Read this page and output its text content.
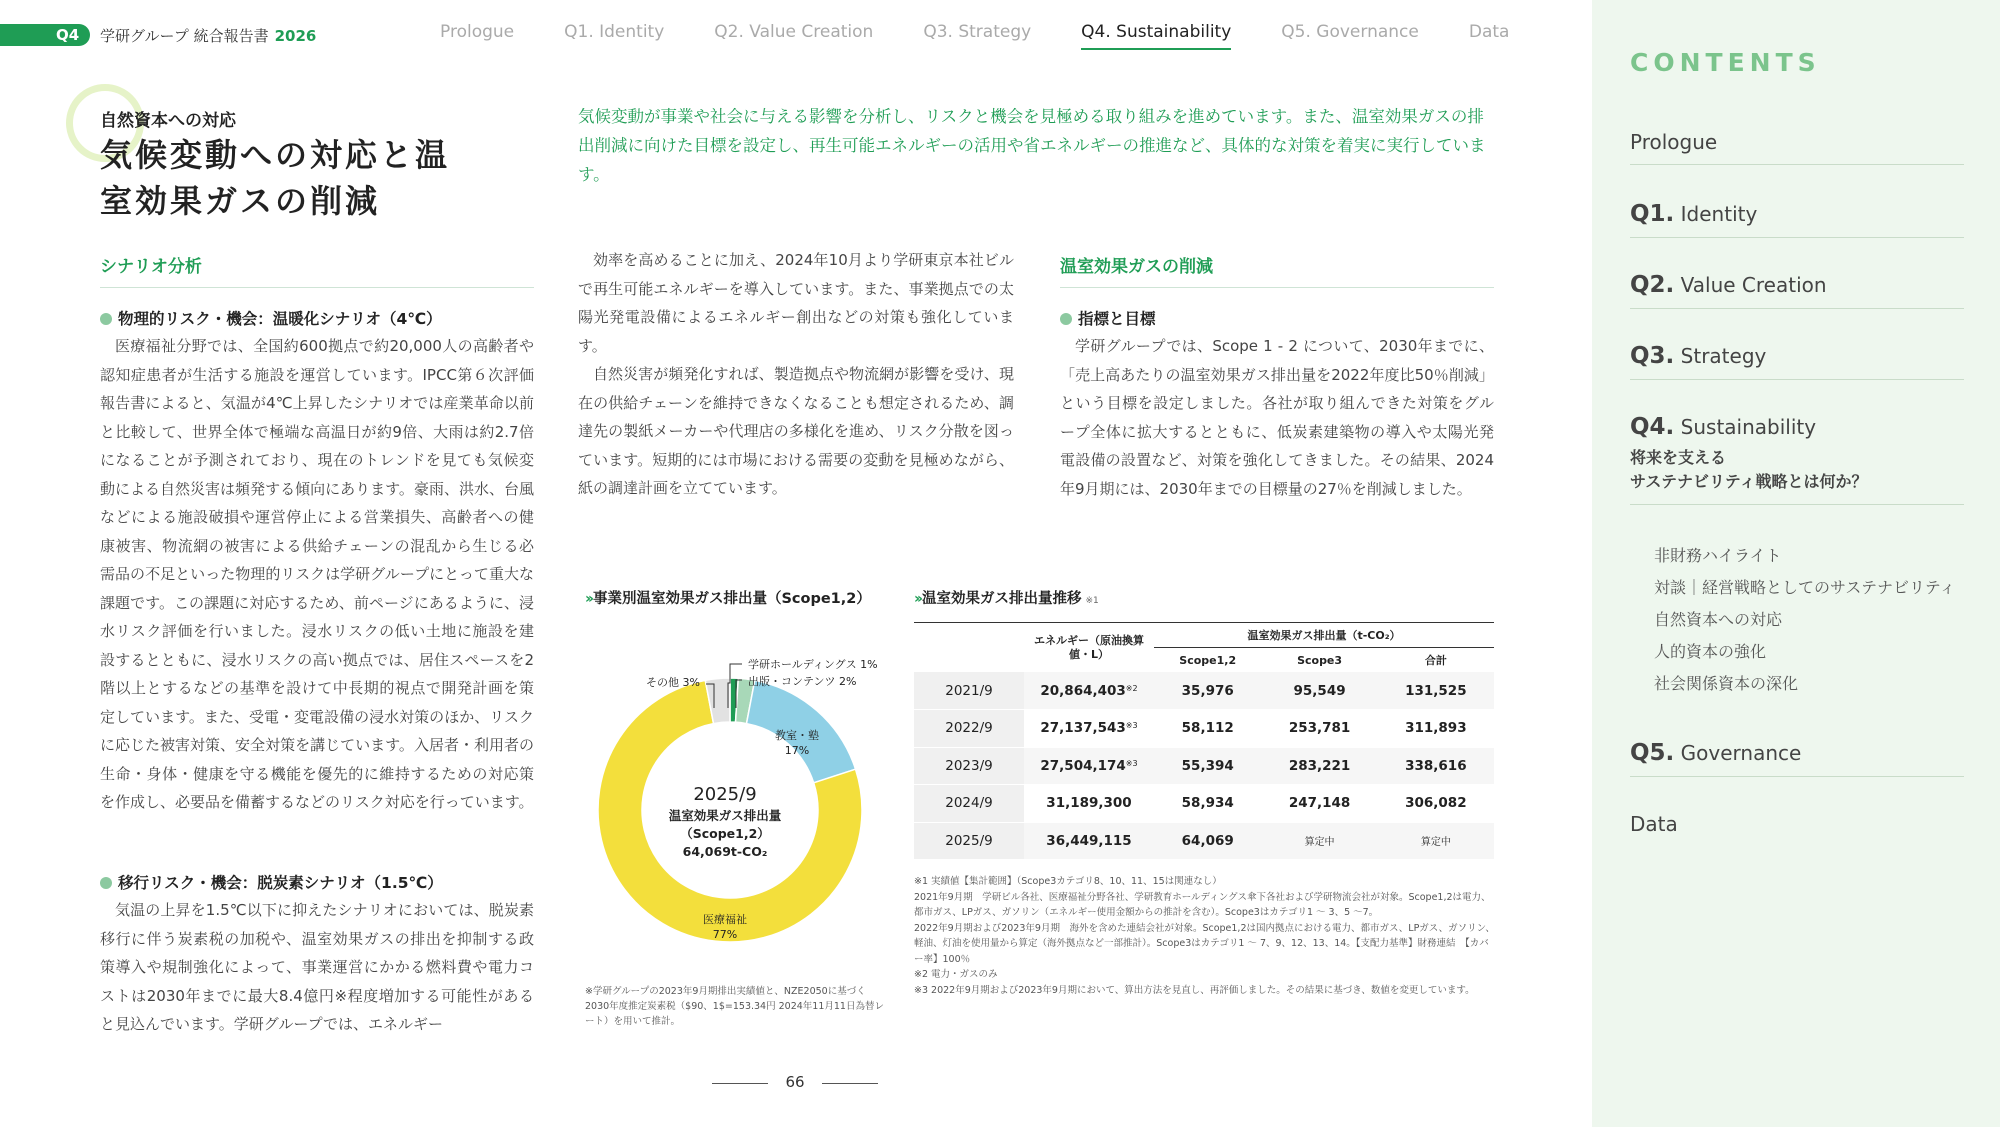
Q4	学研グループ 統合報告書 2026	Prologue	Q1. Identity	Q2. Value Creation	Q3. Strategy	Q4. Sustainability	Q5. Governance	Data
自然資本への対応
気候変動への対応と温室効果ガスの削減
気候変動が事業や社会に与える影響を分析し、リスクと機会を見極める取り組みを進めています。また、温室効果ガスの排出削減に向けた目標を設定し、再生可能エネルギーの活用や省エネルギーの推進など、具体的な対策を着実に実行しています。
シナリオ分析
物理的リスク・機会：温暖化シナリオ（4℃）
医療福祉分野では、全国約600拠点で約20,000人の高齢者や認知症患者が生活する施設を運営しています。IPCC第６次評価報告書によると、気温が4℃上昇したシナリオでは産業革命以前と比較して、世界全体で極端な高温日が約9倍、大雨は約2.7倍になることが予測されており、現在のトレンドを見ても気候変動による自然災害は頻発する傾向にあります。豪雨、洪水、台風などによる施設破損や運営停止による営業損失、高齢者への健康被害、物流網の被害による供給チェーンの混乱から生じる必需品の不足といった物理的リスクは学研グループにとって重大な課題です。この課題に対応するため、前ページにあるように、浸水リスク評価を行いました。浸水リスクの低い土地に施設を建設するとともに、浸水リスクの高い拠点では、居住スペースを2階以上とするなどの基準を設けて中長期的視点で開発計画を策定しています。また、受電・変電設備の浸水対策のほか、リスクに応じた被害対策、安全対策を講じています。入居者・利用者の生命・身体・健康を守る機能を優先的に維持するための対応策を作成し、必要品を備蓄するなどのリスク対応を行っています。
移行リスク・機会：脱炭素シナリオ（1.5℃）
気温の上昇を1.5℃以下に抑えたシナリオにおいては、脱炭素移行に伴う炭素税の加税や、温室効果ガスの排出を抑制する政策導入や規制強化によって、事業運営にかかる燃料費や電力コストは2030年までに最大8.4億円※程度増加する可能性があると見込んでいます。学研グループでは、エネルギー
効率を高めることに加え、2024年10月より学研東京本社ビルで再生可能エネルギーを導入しています。また、事業拠点での太陽光発電設備によるエネルギー創出などの対策も強化しています。
自然災害が頻発化すれば、製造拠点や物流網が影響を受け、現在の供給チェーンを維持できなくなることも想定されるため、調達先の製紙メーカーや代理店の多様化を進め、リスク分散を図っています。短期的には市場における需要の変動を見極めながら、紙の調達計画を立てています。
温室効果ガスの削減
指標と目標
学研グループでは、Scope 1 - 2 について、2030年までに、「売上高あたりの温室効果ガス排出量を2022年度比50％削減」という目標を設定しました。各社が取り組んできた対策をグループ全体に拡大するとともに、低炭素建築物の導入や太陽光発電設備の設置など、対策を強化してきました。その結果、2024年9月期には、2030年までの目標量の27％を削減しました。
›› 事業別温室効果ガス排出量（Scope1,2）
学研ホールディングス 1%
出版・コンテンツ 2%
その他 3%
教室・塾
17%
医療福祉
77%
2025/9
温室効果ガス排出量
（Scope1,2）
64,069t-CO₂
※学研グループの2023年9月期排出実績値と、NZE2050に基づく2030年度推定炭素税（$90、1$=153.34円 2024年11月11日為替レート）を用いて推計。
›› 温室効果ガス排出量推移 ※1
	エネルギー（原油換算値・L）	温室効果ガス排出量（t-CO₂）		
		Scope1,2	Scope3	合計
2021/9	20,864,403$^{※2}$	35,976	95,549	131,525
2022/9	27,137,543$^{※3}$	58,112	253,781	311,893
2023/9	27,504,174$^{※3}$	55,394	283,221	338,616
2024/9	31,189,300	58,934	247,148	306,082
2025/9	36,449,115	64,069	算定中	算定中
※1 実績値【集計範囲】（Scope3カテゴリ8、10、11、15は関連なし）
2021年9月期　学研ビル各社、医療福祉分野各社、学研教育ホールディングス傘下各社および学研物流会社が対象。Scope1,2は電力、都市ガス、LPガス、ガソリン（エネルギー使用金額からの推計を含む）。Scope3はカテゴリ1 ～ 3、5 ～7。
2022年9月期および2023年9月期　海外を含めた連結会社が対象。Scope1,2は国内拠点における電力、都市ガス、LPガス、ガソリン、軽油、灯油を使用量から算定（海外拠点など一部推計）。Scope3はカテゴリ1 ～ 7、9、12、13、14。【支配力基準】財務連結　【カバー率】100％
※2 電力・ガスのみ
※3 2022年9月期および2023年9月期において、算出方法を見直し、再評価しました。その結果に基づき、数値を変更しています。
66
CONTENTS
Prologue
Q1. Identity
Q2. Value Creation
Q3. Strategy
Q4. Sustainability
将来を支える
サステナビリティ戦略とは何か？
非財務ハイライト
対談｜経営戦略としてのサステナビリティ
自然資本への対応
人的資本の強化
社会関係資本の深化
Q5. Governance
Data
